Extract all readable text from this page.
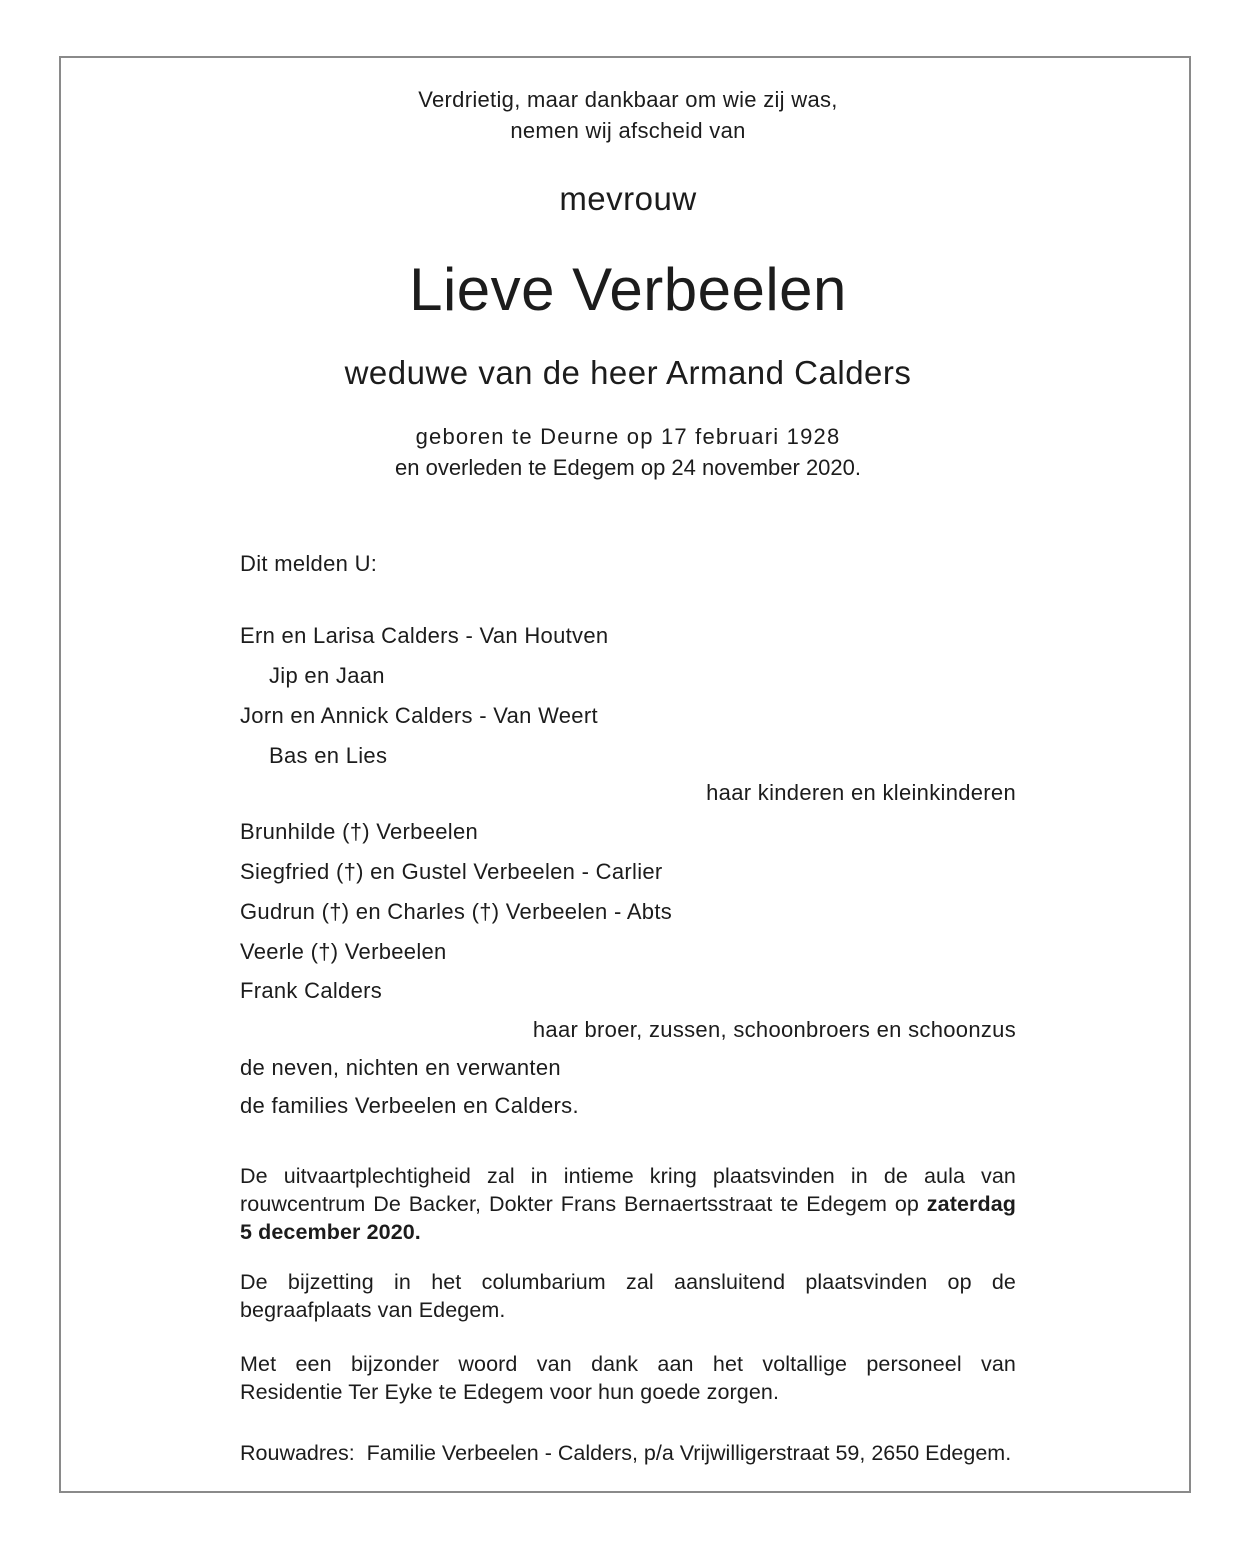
Verdrietig, maar dankbaar om wie zij was,
nemen wij afscheid van
mevrouw
Lieve Verbeelen
weduwe van de heer Armand Calders
geboren te Deurne op 17 februari 1928
en overleden te Edegem op 24 november 2020.
Dit melden U:
Ern en Larisa Calders - Van Houtven
Jip en Jaan
Jorn en Annick Calders - Van Weert
Bas en Lies
haar kinderen en kleinkinderen
Brunhilde (†) Verbeelen
Siegfried (†) en Gustel Verbeelen - Carlier
Gudrun (†) en Charles (†) Verbeelen - Abts
Veerle (†) Verbeelen
Frank Calders
haar broer, zussen, schoonbroers en schoonzus
de neven, nichten en verwanten
de families Verbeelen en Calders.
De uitvaartplechtigheid zal in intieme kring plaatsvinden in de aula van
rouwcentrum De Backer, Dokter Frans Bernaertsstraat te Edegem op zaterdag
5 december 2020.
De bijzetting in het columbarium zal aansluitend plaatsvinden op de
begraafplaats van Edegem.
Met een bijzonder woord van dank aan het voltallige personeel van
Residentie Ter Eyke te Edegem voor hun goede zorgen.
Rouwadres:  Familie Verbeelen - Calders, p/a Vrijwilligerstraat 59, 2650 Edegem.
